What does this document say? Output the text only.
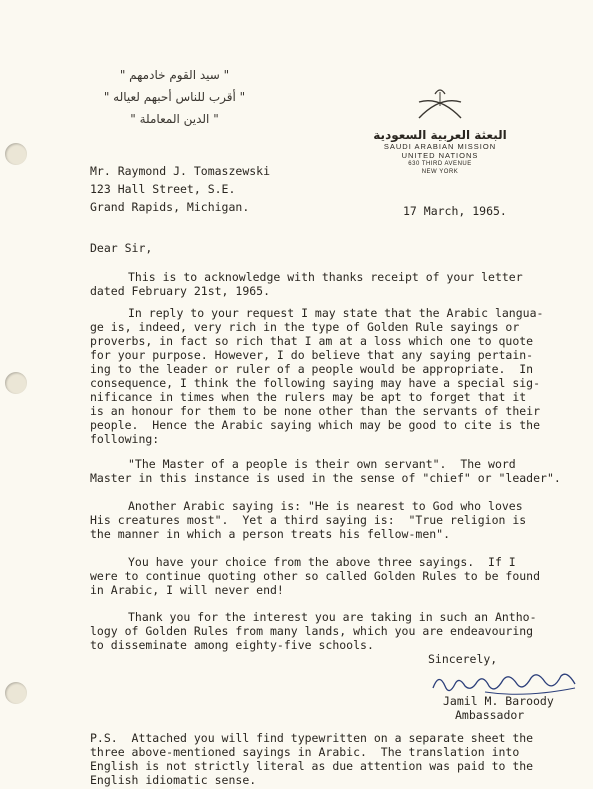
" سيد القوم خادمهم "
" أقرب للناس أحبهم لعياله "
" الدين المعاملة "
البعثة العربية السعودية
SAUDI ARABIAN MISSION
UNITED NATIONS
630 THIRD AVENUE
NEW YORK
Mr. Raymond J. Tomaszewski
123 Hall Street, S.E.
Grand Rapids, Michigan.	17 March, 1965.
Dear Sir,
This is to acknowledge with thanks receipt of your letter
dated February 21st, 1965.
In reply to your request I may state that the Arabic langua-
ge is, indeed, very rich in the type of Golden Rule sayings or
proverbs, in fact so rich that I am at a loss which one to quote
for your purpose. However, I do believe that any saying pertain-
ing to the leader or ruler of a people would be appropriate.  In
consequence, I think the following saying may have a special sig-
nificance in times when the rulers may be apt to forget that it
is an honour for them to be none other than the servants of their
people.  Hence the Arabic saying which may be good to cite is the
following:
"The Master of a people is their own servant".  The word
Master in this instance is used in the sense of "chief" or "leader".
Another Arabic saying is: "He is nearest to God who loves
His creatures most".  Yet a third saying is:  "True religion is
the manner in which a person treats his fellow-men".
You have your choice from the above three sayings.  If I
were to continue quoting other so called Golden Rules to be found
in Arabic, I will never end!
Thank you for the interest you are taking in such an Antho-
logy of Golden Rules from many lands, which you are endeavouring
to disseminate among eighty-five schools.
Sincerely,
Jamil M. Baroody
Ambassador
P.S.  Attached you will find typewritten on a separate sheet the
three above-mentioned sayings in Arabic.  The translation into
English is not strictly literal as due attention was paid to the
English idiomatic sense.
